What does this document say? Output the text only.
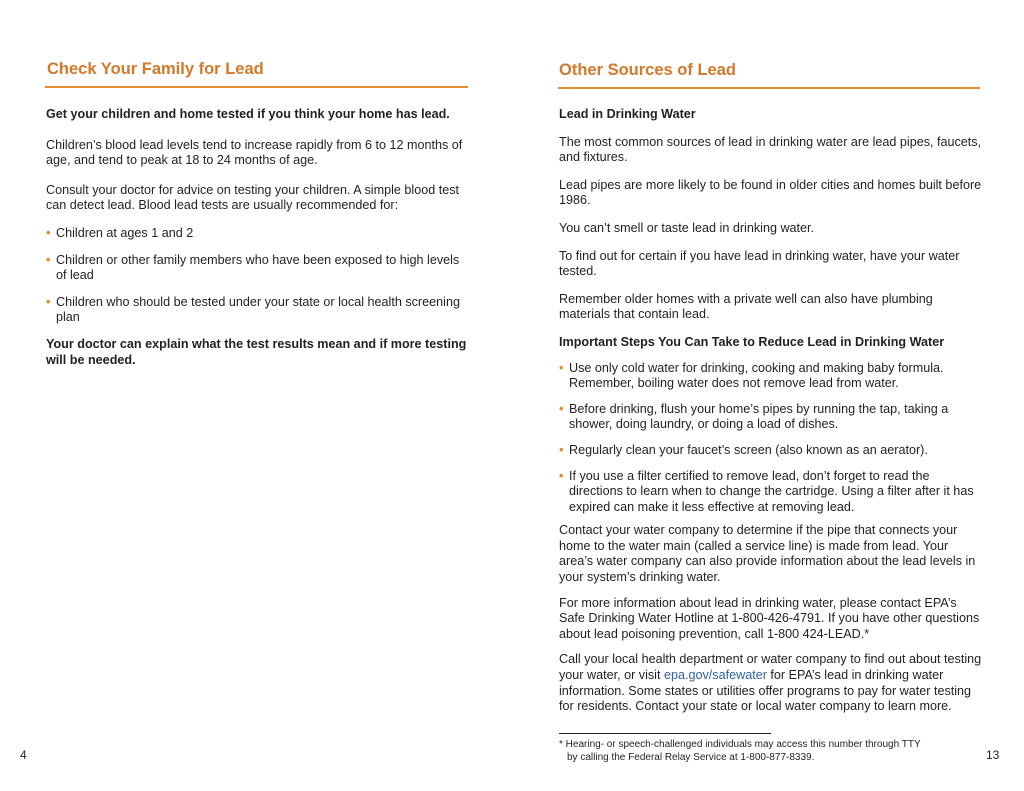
Check Your Family for Lead

Get your children and home tested if you think your home has lead.

Children’s blood lead levels tend to increase rapidly from 6 to 12 months of age, and tend to peak at 18 to 24 months of age.

Consult your doctor for advice on testing your children. A simple blood test can detect lead. Blood lead tests are usually recommended for:

• Children at ages 1 and 2
• Children or other family members who have been exposed to high levels of lead
• Children who should be tested under your state or local health screening plan

Your doctor can explain what the test results mean and if more testing will be needed.

4
Other Sources of Lead

Lead in Drinking Water

The most common sources of lead in drinking water are lead pipes, faucets, and fixtures.

Lead pipes are more likely to be found in older cities and homes built before 1986.

You can’t smell or taste lead in drinking water.

To find out for certain if you have lead in drinking water, have your water tested.

Remember older homes with a private well can also have plumbing materials that contain lead.

Important Steps You Can Take to Reduce Lead in Drinking Water

• Use only cold water for drinking, cooking and making baby formula. Remember, boiling water does not remove lead from water.
• Before drinking, flush your home’s pipes by running the tap, taking a shower, doing laundry, or doing a load of dishes.
• Regularly clean your faucet’s screen (also known as an aerator).
• If you use a filter certified to remove lead, don’t forget to read the directions to learn when to change the cartridge. Using a filter after it has expired can make it less effective at removing lead.

Contact your water company to determine if the pipe that connects your home to the water main (called a service line) is made from lead. Your area’s water company can also provide information about the lead levels in your system’s drinking water.

For more information about lead in drinking water, please contact EPA’s Safe Drinking Water Hotline at 1-800-426-4791. If you have other questions about lead poisoning prevention, call 1-800 424-LEAD.*

Call your local health department or water company to find out about testing your water, or visit epa.gov/safewater for EPA’s lead in drinking water information. Some states or utilities offer programs to pay for water testing for residents. Contact your state or local water company to learn more.

* Hearing- or speech-challenged individuals may access this number through TTY
by calling the Federal Relay Service at 1-800-877-8339.	13
